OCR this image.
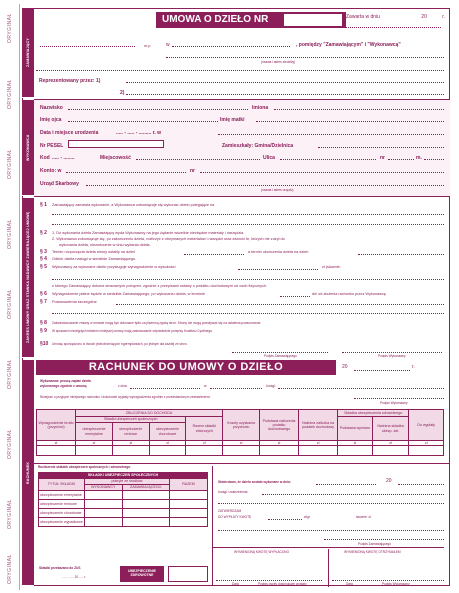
ORYGINAŁ
ORYGINAŁ
ORYGINAŁ
ORYGINAŁ
ORYGINAŁ
ORYGINAŁ
ORYGINAŁ
ORYGINAŁ
ORYGINAŁ
ZAMAWIAJĄCY
WYKONAWCA
ZAKRES UMOWY ORAZ STAWKA NADAWCY ZAWIERAJĄCEJ UMOWĘ
RACHUNEK
UMOWA O DZIEŁO NR	Zawarta w dniu	20	r.
m.p.	w	, pomiędzy "Zamawiającym" i "Wykonawcą"
(nazwa i adres siedziby)
Reprezentowany przez: 1)
2)
Nazwisko	Imiona
Imię ojca	Imię matki
Data i miejsce urodzenia	..... - ..... - ......... r. w
Nr PESEL	Zamieszkały: Gmina/Dzielnica
Kod ..... - ........	Miejscowość	Ulica	nr	m.
Konto: w	nr
Urząd Skarbowy
(nazwa i adres urzędu)
§ 1 Zamawiający zamawia wykonanie, a Wykonawca zobowiązuje się wykonać dzieło polegające na
§ 2 1. Do wykonania dzieła Zamawiający wyda Wykonawcy na jego żądanie wszelkie niezbędne materiały i narzędzia.
2. Wykonawca zobowiązuje się, po zakończeniu dzieła, rozliczyć z otrzymanych materiałów i narzędzi oraz zwrócić te, których nie zużył do
wykonania dzieła, niezwłocznie w dniu wydania dzieła.
§ 3 Termin rozpoczęcia dzieła strony ustaliły na dzień	a termin ukończenia dzieła na dzień
§ 4 Odbiór dzieła nastąpi w siedzibie Zamawiającego.
§ 5 Wykonawcy za wykonane dzieło przysługuje wynagrodzenie w wysokości	zł (słownie:
z którego Zamawiający dokona stosownych potrąceń, zgodnie z przepisami ustawy o podatku dochodowym od osób fizycznych.
§ 6 Wynagrodzenie płatne będzie w siedzibie Zamawiającego, po wykonaniu dzieła, w terminie	dni od złożenia rachunku przez Wykonawcę
§ 7 Postanowienia szczególne
§ 8 Zakwestionowanie zmiany w umowie mogą być dokonane tylko za pisemną zgodą stron. Strony nie mogą powoływać się na ustalenia pozaumowne.
§ 9 W sprawach nieobjętych tekstem niniejszej umowy mają zastosowanie odpowiednie przepisy Kodeksu Cywilnego.
§10 Umowę sporządzono w dwóch jednobrzmiących egzemplarzach, po jednym dla każdej ze stron.
Podpis Zamawiającego	Podpis Wykonawcy
RACHUNEK DO UMOWY O DZIEŁO	20	r.
Wykonawca: proszę zapłać dzieła
wykonanego zgodnie z umową	z dnia:	w:	Uwagi:
Niniejsze o przyjęcie niniejszego rachunku i dokonanie wypłaty wynagrodzenia zgodnie z przedstawionym zestawieniem:
Podpis Wykonawcy
Wynagrodzenie brutto (przychód)	ZBLICZENIA DO DOCHODU				Koszty uzyskania przychodu	Podstawa naliczenia podatku dochodowego	Należna zaliczka na podatek dochodowy	Składka ubezpieczenia zdrowotnego		Do wypłaty
	Składki ubezpieczeń społecznych			Razem składki zbiorczych				Podstawa wymiaru	Należna składka ubezp. zdr.	
	ubezpieczenie emerytalne	ubezpieczenie rentowe	ubezpieczenie chorobowe							
zł	zł	zł	zł	zł	zł	zł	zł	zł	zł	zł

Rozliczenie składek ubezpieczeń społecznych i zdrowotnego
SKŁADKI UBEZPIECZEŃ SPOŁECZNYCH			
TYTUŁ SKŁADKI	pokryte ze środków		RAZEM
	WYKONAWCY	ZAMAWIAJĄCEGO	
ubezpieczenie emerytalne			
ubezpieczenie rentowe			
ubezpieczenie chorobowe			
ubezpieczenie wypadkowe			
Składki przekazano do ZUS
..... - ..... 20 ..... r.
UBEZPIECZENIE ZDROWOTNE
Stwierdzam, że dzieło zostało wykonane w dniu:	20
Uwagi i zastrzeżenia:
ZATWIERDZAM
DO WYPŁATY KWOTĘ	zł/gr	słownie: zł
Podpis Zamawiającego
WYMIENIONĄ KWOTĘ WYPŁACONO	WYMIENIONĄ KWOTĘ OTRZYMAŁEM
Data	Podpis osoby dokonującej wypłaty	Data	Podpis Wykonawcy
